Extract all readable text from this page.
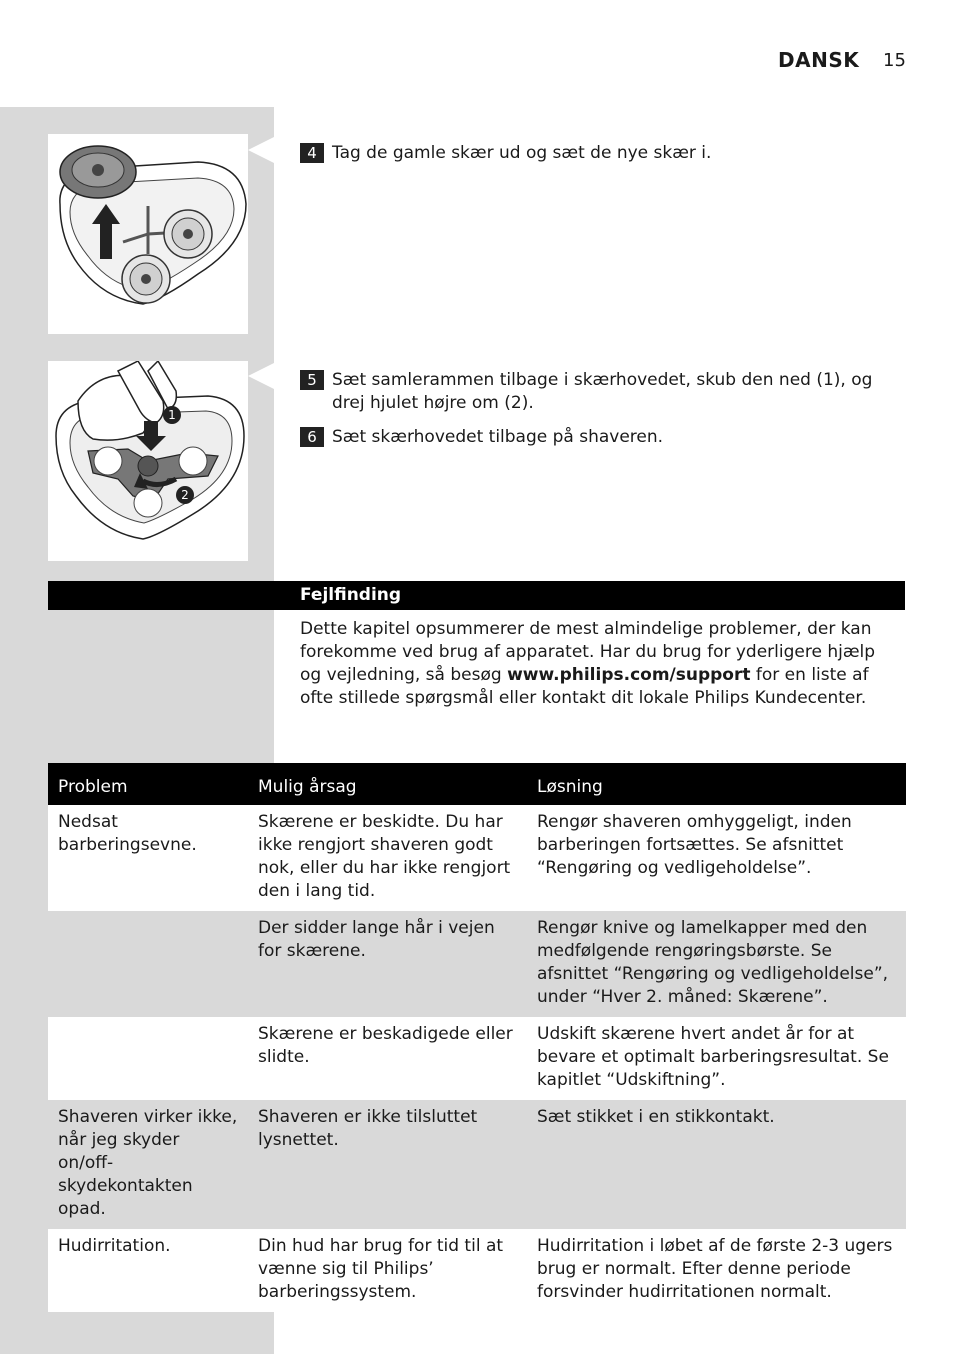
DANSK 15
1
2
4 Tag de gamle skær ud og sæt de nye skær i.
5 Sæt samlerammen tilbage i skærhovedet, skub den ned (1), og drej hjulet højre om (2).
6 Sæt skærhovedet tilbage på shaveren.
Fejlfinding
Dette kapitel opsummerer de mest almindelige problemer, der kan forekomme ved brug af apparatet. Har du brug for yderligere hjælp og vejledning, så besøg www.philips.com/support for en liste af ofte stillede spørgsmål eller kontakt dit lokale Philips Kundecenter.
Problem	Mulig årsag	Løsning
Nedsat barberingsevne.	Skærene er beskidte. Du har ikke rengjort shaveren godt nok, eller du har ikke rengjort den i lang tid.	Rengør shaveren omhyggeligt, inden barberingen fortsættes. Se afsnittet “Rengøring og vedligeholdelse”.
	Der sidder lange hår i vejen for skærene.	Rengør knive og lamelkapper med den medfølgende rengøringsbørste. Se afsnittet “Rengøring og vedligeholdelse”, under “Hver 2. måned: Skærene”.
	Skærene er beskadigede eller slidte.	Udskift skærene hvert andet år for at bevare et optimalt barberingsresultat. Se kapitlet “Udskiftning”.
Shaveren virker ikke, når jeg skyder on/off-skydekontakten opad.	Shaveren er ikke tilsluttet lysnettet.	Sæt stikket i en stikkontakt.
Hudirritation.	Din hud har brug for tid til at vænne sig til Philips’ barberingssystem.	Hudirritation i løbet af de første 2-3 ugers brug er normalt. Efter denne periode forsvinder hudirritationen normalt.
